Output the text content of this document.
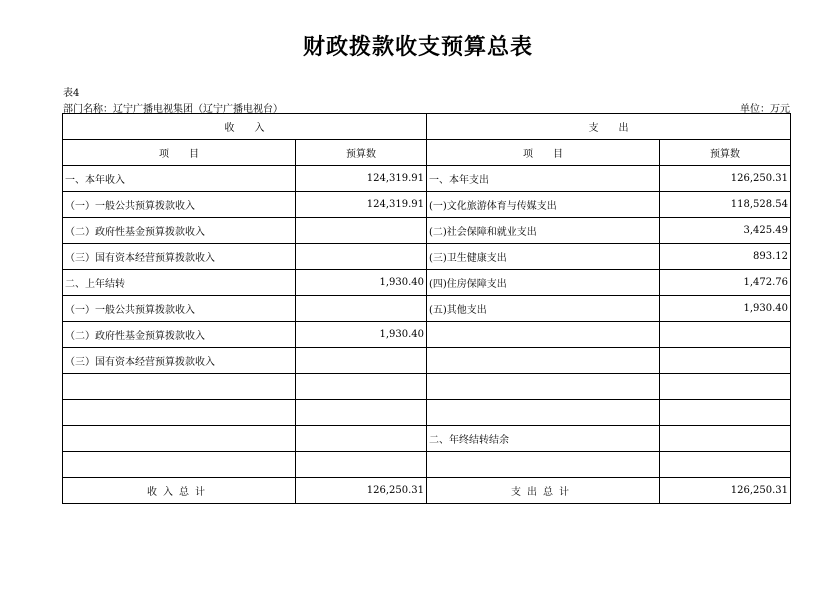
财政拨款收支预算总表
表4
部门名称：辽宁广播电视集团（辽宁广播电视台）	单位：万元
收　　入		支　　出	
项　　目	预算数	项　　目	预算数
一、本年收入	124,319.91	一、本年支出	126,250.31
（一）一般公共预算拨款收入	124,319.91	(一)文化旅游体育与传媒支出	118,528.54
（二）政府性基金预算拨款收入		(二)社会保障和就业支出	3,425.49
（三）国有资本经营预算拨款收入		(三)卫生健康支出	893.12
二、上年结转	1,930.40	(四)住房保障支出	1,472.76
（一）一般公共预算拨款收入		(五)其他支出	1,930.40
（二）政府性基金预算拨款收入	1,930.40		
（三）国有资本经营预算拨款收入			

		二、年终结转结余	

收入总计	126,250.31	支出总计	126,250.31
